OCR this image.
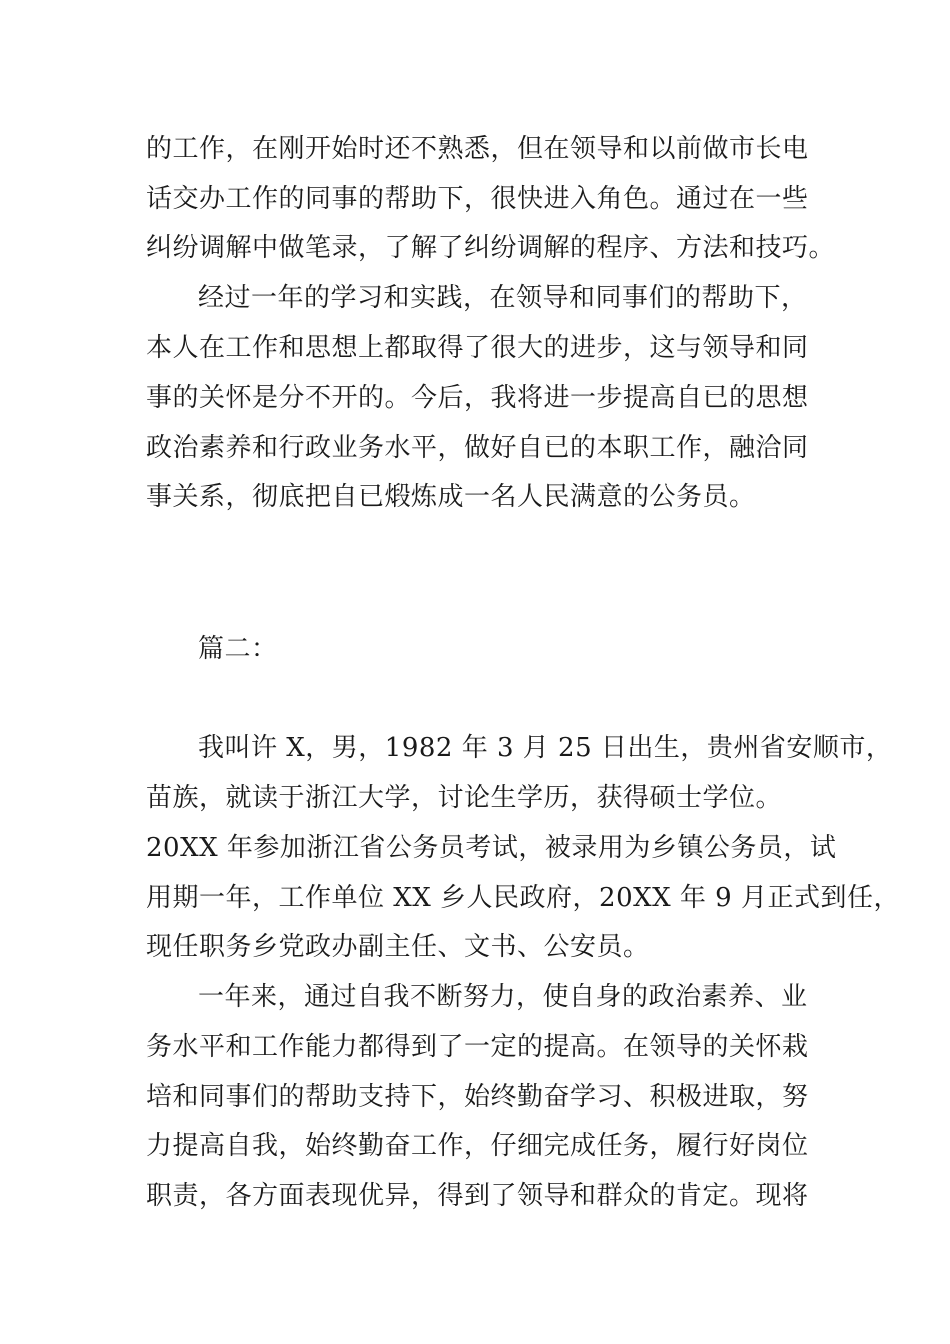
的工作，在刚开始时还不熟悉，但在领导和以前做市长电
话交办工作的同事的帮助下，很快进入角色。通过在一些
纠纷调解中做笔录，了解了纠纷调解的程序、方法和技巧。
经过一年的学习和实践，在领导和同事们的帮助下，
本人在工作和思想上都取得了很大的进步，这与领导和同
事的关怀是分不开的。今后，我将进一步提高自已的思想
政治素养和行政业务水平，做好自已的本职工作，融洽同
事关系，彻底把自已煅炼成一名人民满意的公务员。
篇二：
我叫许 X，男，1982 年 3 月 25 日出生，贵州省安顺市，
苗族，就读于浙江大学，讨论生学历，获得硕士学位。
20XX 年参加浙江省公务员考试，被录用为乡镇公务员，试
用期一年，工作单位 XX 乡人民政府，20XX 年 9 月正式到任，
现任职务乡党政办副主任、文书、公安员。
一年来，通过自我不断努力，使自身的政治素养、业
务水平和工作能力都得到了一定的提高。在领导的关怀栽
培和同事们的帮助支持下，始终勤奋学习、积极进取，努
力提高自我，始终勤奋工作，仔细完成任务，履行好岗位
职责，各方面表现优异，得到了领导和群众的肯定。现将
